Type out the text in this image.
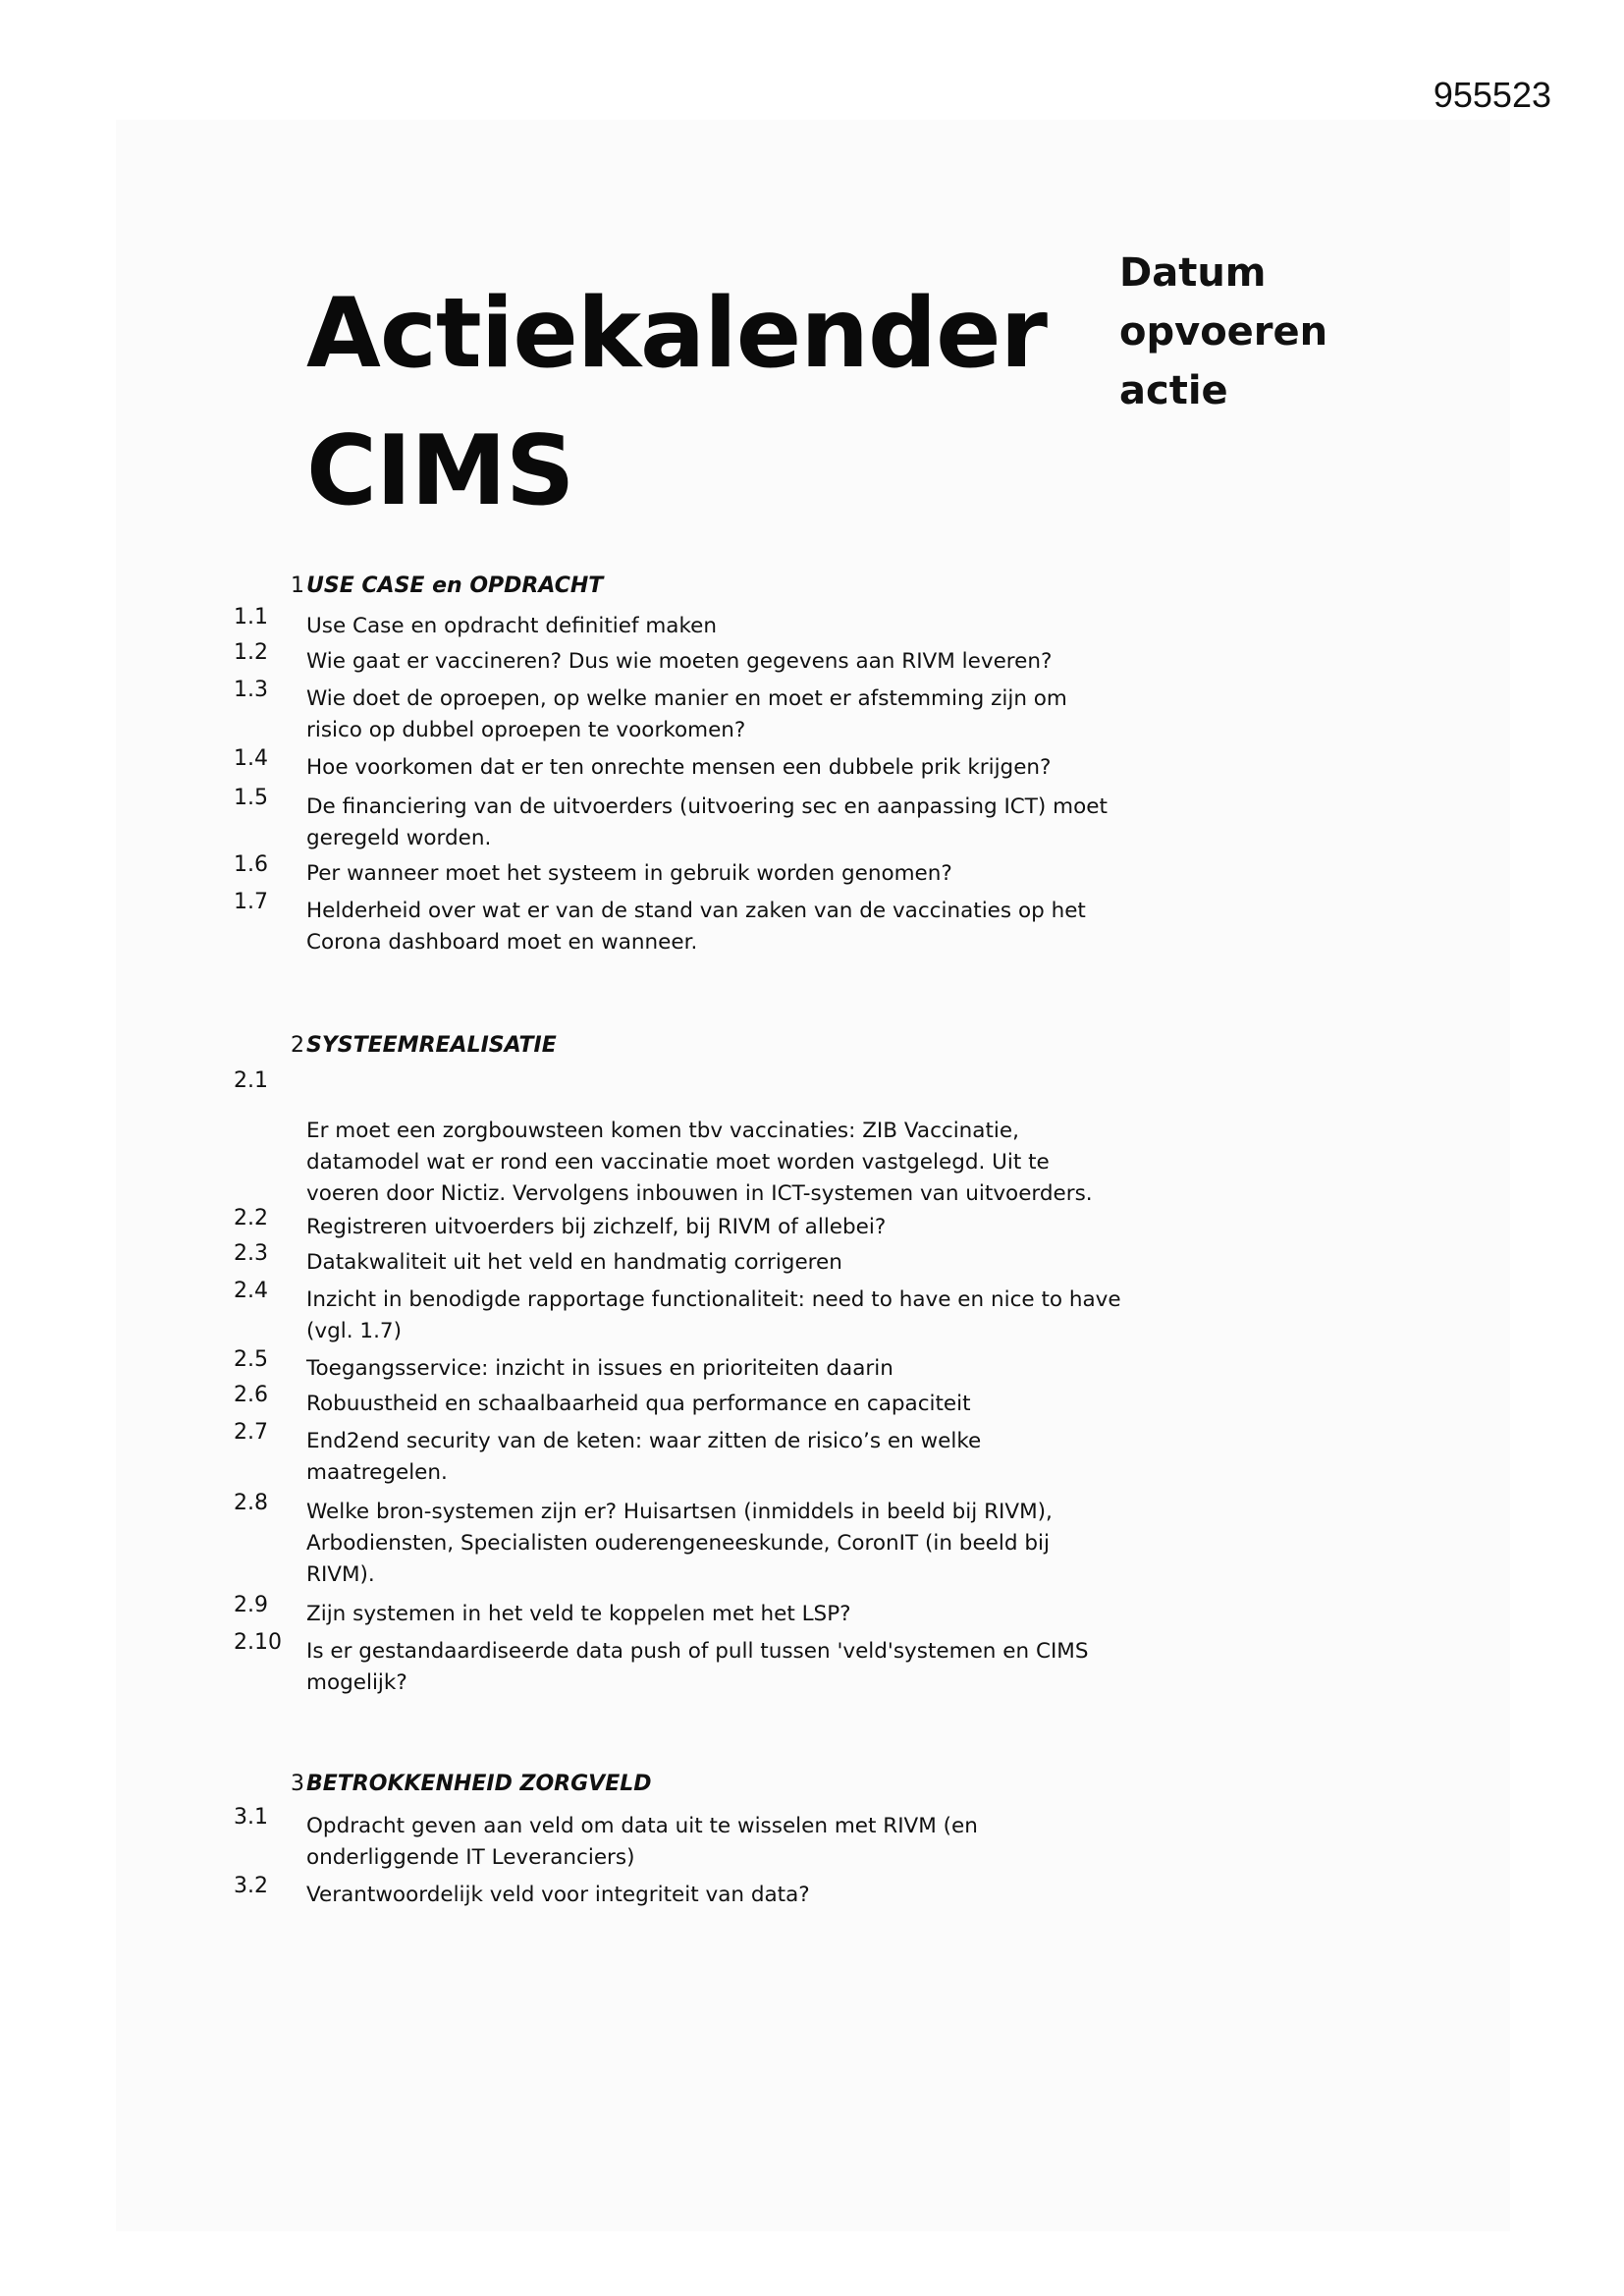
955523
Actiekalender
CIMS
Datum
opvoeren
actie
1USE CASE en OPDRACHT
1.1 Use Case en opdracht definitief maken
1.2 Wie gaat er vaccineren? Dus wie moeten gegevens aan RIVM leveren?
1.3 Wie doet de oproepen, op welke manier en moet er afstemming zijn om
risico op dubbel oproepen te voorkomen?
1.4 Hoe voorkomen dat er ten onrechte mensen een dubbele prik krijgen?
1.5 De financiering van de uitvoerders (uitvoering sec en aanpassing ICT) moet
geregeld worden.
1.6 Per wanneer moet het systeem in gebruik worden genomen?
1.7 Helderheid over wat er van de stand van zaken van de vaccinaties op het
Corona dashboard moet en wanneer.
2SYSTEEMREALISATIE
2.1
Er moet een zorgbouwsteen komen tbv vaccinaties: ZIB Vaccinatie,
datamodel wat er rond een vaccinatie moet worden vastgelegd. Uit te
voeren door Nictiz. Vervolgens inbouwen in ICT-systemen van uitvoerders.
2.2 Registreren uitvoerders bij zichzelf, bij RIVM of allebei?
2.3 Datakwaliteit uit het veld en handmatig corrigeren
2.4 Inzicht in benodigde rapportage functionaliteit: need to have en nice to have
(vgl. 1.7)
2.5 Toegangsservice: inzicht in issues en prioriteiten daarin
2.6 Robuustheid en schaalbaarheid qua performance en capaciteit
2.7 End2end security van de keten: waar zitten de risico’s en welke
maatregelen.
2.8 Welke bron-systemen zijn er? Huisartsen (inmiddels in beeld bij RIVM),
Arbodiensten, Specialisten ouderengeneeskunde, CoronIT (in beeld bij
RIVM).
2.9 Zijn systemen in het veld te koppelen met het LSP?
2.10 Is er gestandaardiseerde data push of pull tussen 'veld'systemen en CIMS
mogelijk?
3BETROKKENHEID ZORGVELD
3.1 Opdracht geven aan veld om data uit te wisselen met RIVM (en
onderliggende IT Leveranciers)
3.2 Verantwoordelijk veld voor integriteit van data?
